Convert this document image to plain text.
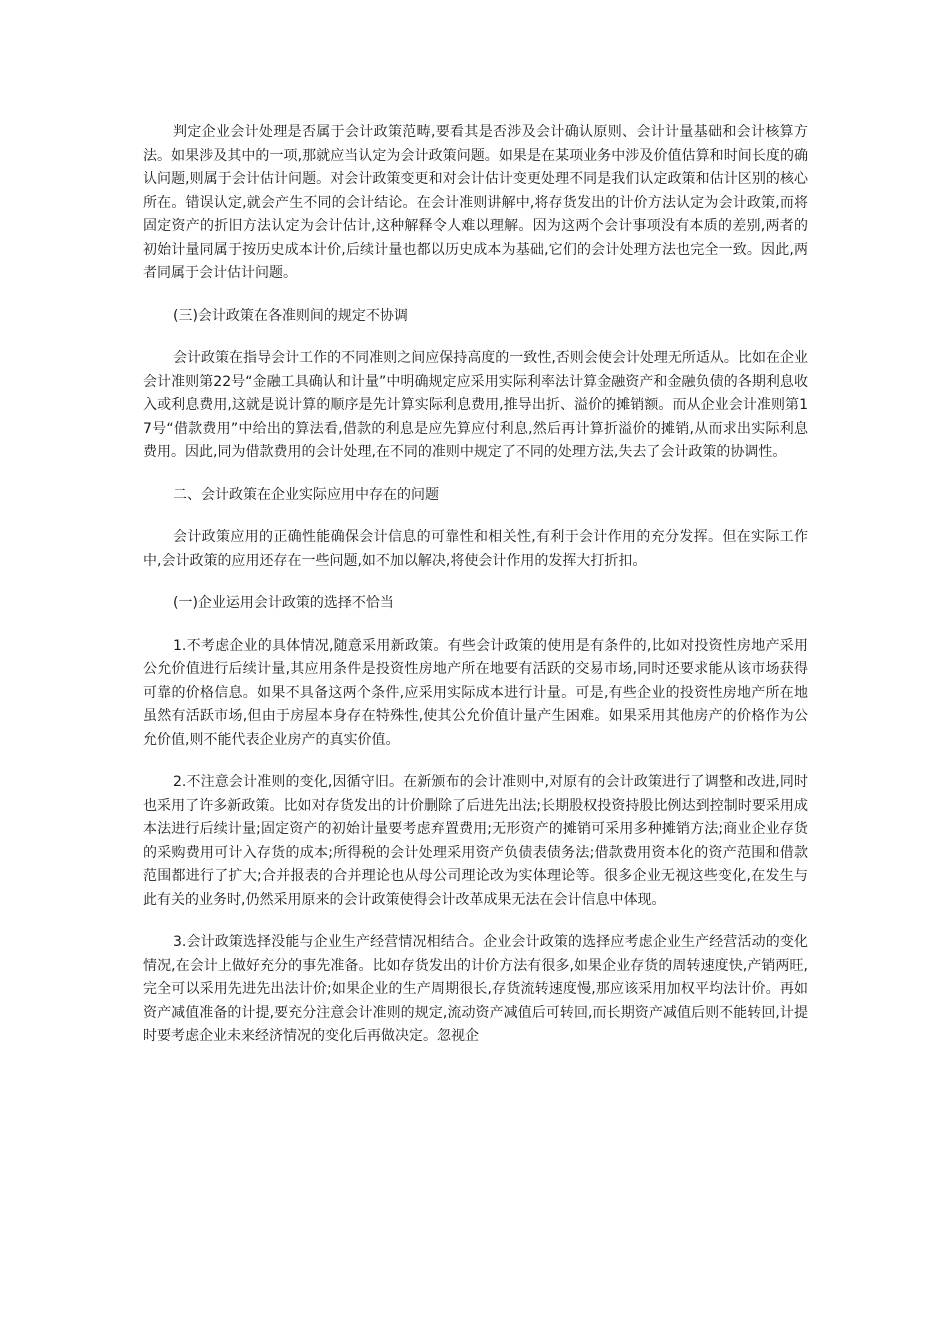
判定企业会计处理是否属于会计政策范畴,要看其是否涉及会计确认原则、会计计量基础和会计核算方法。如果涉及其中的一项,那就应当认定为会计政策问题。如果是在某项业务中涉及价值估算和时间长度的确认问题,则属于会计估计问题。对会计政策变更和对会计估计变更处理不同是我们认定政策和估计区别的核心所在。错误认定,就会产生不同的会计结论。在会计准则讲解中,将存货发出的计价方法认定为会计政策,而将固定资产的折旧方法认定为会计估计,这种解释令人难以理解。因为这两个会计事项没有本质的差别,两者的初始计量同属于按历史成本计价,后续计量也都以历史成本为基础,它们的会计处理方法也完全一致。因此,两者同属于会计估计问题。

(三)会计政策在各准则间的规定不协调

会计政策在指导会计工作的不同准则之间应保持高度的一致性,否则会使会计处理无所适从。比如在企业会计准则第22号“金融工具确认和计量”中明确规定应采用实际利率法计算金融资产和金融负债的各期利息收入或利息费用,这就是说计算的顺序是先计算实际利息费用,推导出折、溢价的摊销额。而从企业会计准则第17号“借款费用”中给出的算法看,借款的利息是应先算应付利息,然后再计算折溢价的摊销,从而求出实际利息费用。因此,同为借款费用的会计处理,在不同的准则中规定了不同的处理方法,失去了会计政策的协调性。

二、会计政策在企业实际应用中存在的问题

会计政策应用的正确性能确保会计信息的可靠性和相关性,有利于会计作用的充分发挥。但在实际工作中,会计政策的应用还存在一些问题,如不加以解决,将使会计作用的发挥大打折扣。

(一)企业运用会计政策的选择不恰当

1.不考虑企业的具体情况,随意采用新政策。有些会计政策的使用是有条件的,比如对投资性房地产采用公允价值进行后续计量,其应用条件是投资性房地产所在地要有活跃的交易市场,同时还要求能从该市场获得可靠的价格信息。如果不具备这两个条件,应采用实际成本进行计量。可是,有些企业的投资性房地产所在地虽然有活跃市场,但由于房屋本身存在特殊性,使其公允价值计量产生困难。如果采用其他房产的价格作为公允价值,则不能代表企业房产的真实价值。

2.不注意会计准则的变化,因循守旧。在新颁布的会计准则中,对原有的会计政策进行了调整和改进,同时也采用了许多新政策。比如对存货发出的计价删除了后进先出法;长期股权投资持股比例达到控制时要采用成本法进行后续计量;固定资产的初始计量要考虑弃置费用;无形资产的摊销可采用多种摊销方法;商业企业存货的采购费用可计入存货的成本;所得税的会计处理采用资产负债表债务法;借款费用资本化的资产范围和借款范围都进行了扩大;合并报表的合并理论也从母公司理论改为实体理论等。很多企业无视这些变化,在发生与此有关的业务时,仍然采用原来的会计政策使得会计改革成果无法在会计信息中体现。

3.会计政策选择没能与企业生产经营情况相结合。企业会计政策的选择应考虑企业生产经营活动的变化情况,在会计上做好充分的事先准备。比如存货发出的计价方法有很多,如果企业存货的周转速度快,产销两旺,完全可以采用先进先出法计价;如果企业的生产周期很长,存货流转速度慢,那应该采用加权平均法计价。再如资产减值准备的计提,要充分注意会计准则的规定,流动资产减值后可转回,而长期资产减值后则不能转回,计提时要考虑企业未来经济情况的变化后再做决定。忽视企
